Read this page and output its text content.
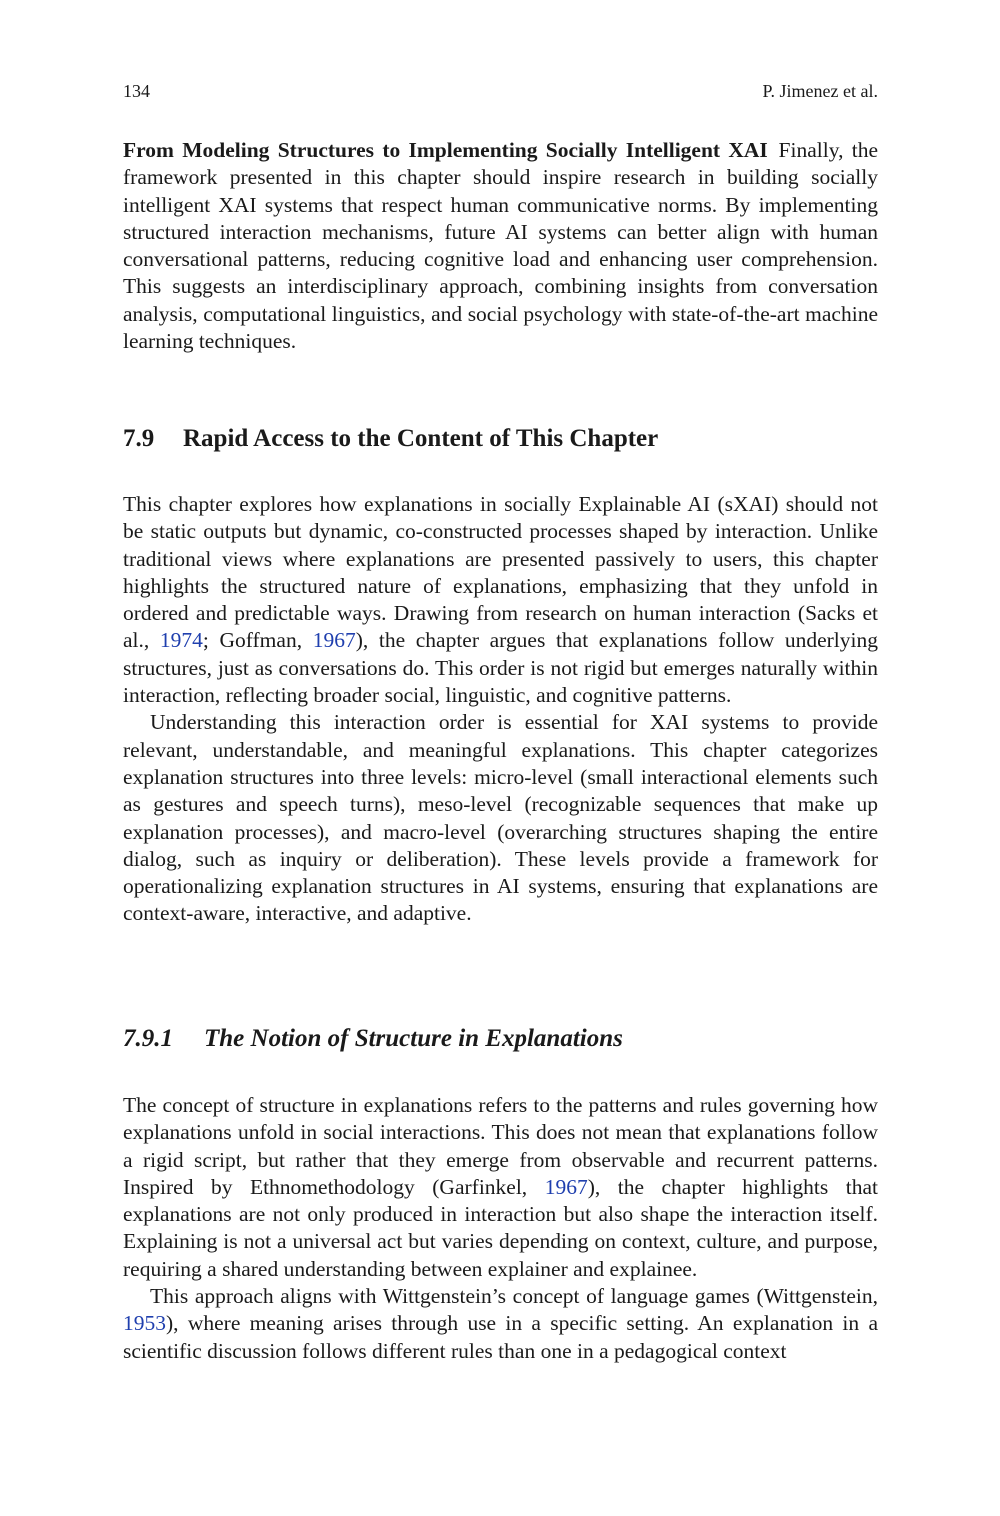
134	P. Jimenez et al.

From Modeling Structures to Implementing Socially Intelligent XAI  Finally, the framework presented in this chapter should inspire research in building socially intelligent XAI systems that respect human communicative norms. By implementing structured interaction mechanisms, future AI systems can better align with human conversational patterns, reducing cognitive load and enhancing user comprehension. This suggests an interdisciplinary approach, combining insights from conversation analysis, computational linguistics, and social psychology with state-of-the-art machine learning techniques.

7.9 Rapid Access to the Content of This Chapter

This chapter explores how explanations in socially Explainable AI (sXAI) should not be static outputs but dynamic, co-constructed processes shaped by interaction. Unlike traditional views where explanations are presented passively to users, this chapter highlights the structured nature of explanations, emphasizing that they unfold in ordered and predictable ways. Drawing from research on human interaction (Sacks et al., 1974; Goffman, 1967), the chapter argues that explanations follow underlying structures, just as conversations do. This order is not rigid but emerges naturally within interaction, reflecting broader social, linguistic, and cognitive patterns.

Understanding this interaction order is essential for XAI systems to provide relevant, understandable, and meaningful explanations. This chapter categorizes explanation structures into three levels: micro-level (small interactional elements such as gestures and speech turns), meso-level (recognizable sequences that make up explanation processes), and macro-level (overarching structures shaping the entire dialog, such as inquiry or deliberation). These levels provide a framework for operationalizing explanation structures in AI systems, ensuring that explanations are context-aware, interactive, and adaptive.

7.9.1 The Notion of Structure in Explanations

The concept of structure in explanations refers to the patterns and rules governing how explanations unfold in social interactions. This does not mean that explanations follow a rigid script, but rather that they emerge from observable and recurrent patterns. Inspired by Ethnomethodology (Garfinkel, 1967), the chapter highlights that explanations are not only produced in interaction but also shape the interaction itself. Explaining is not a universal act but varies depending on context, culture, and purpose, requiring a shared understanding between explainer and explainee.

This approach aligns with Wittgenstein’s concept of language games (Wittgenstein, 1953), where meaning arises through use in a specific setting. An explanation in a scientific discussion follows different rules than one in a pedagogical context
